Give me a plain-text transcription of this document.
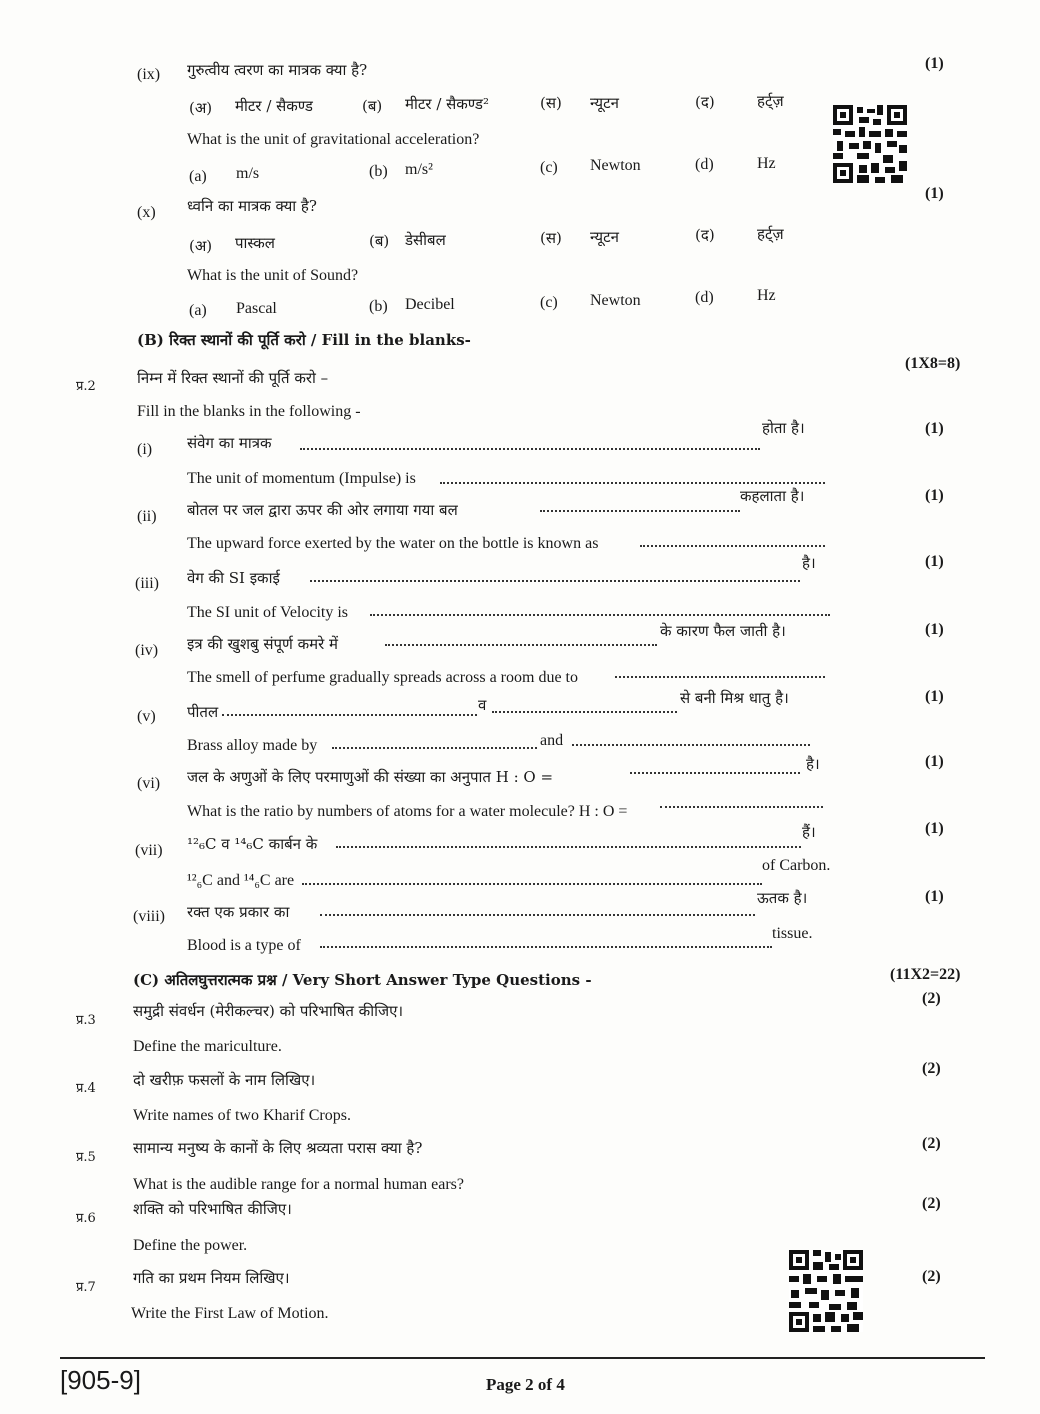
(1)
(ix) गुरुत्वीय त्वरण का मात्रक क्या है?
(अ) मीटर / सैकण्ड	(ब) मीटर / सैकण्ड²	(स) न्यूटन	(द)	हर्ट्ज़
What is the unit of gravitational acceleration?
(a) m/s	(b) m/s²	(c) Newton	(d)	Hz
(1)
(x) ध्वनि का मात्रक क्या है?
(अ) पास्कल	(ब) डेसीबल	(स) न्यूटन	(द)	हर्ट्ज़
What is the unit of Sound?
(a) Pascal	(b) Decibel	(c) Newton	(d)	Hz
(B) रिक्त स्थानों की पूर्ति करो / Fill in the blanks-
प्र.2	निम्न में रिक्त स्थानों की पूर्ति करो –
(1X8=8)
Fill in the blanks in the following -
(i) संवेग का मात्रक
होता है।	(1)
The unit of momentum (Impulse) is
(ii) बोतल पर जल द्वारा ऊपर की ओर लगाया गया बल
कहलाता है।	(1)
The upward force exerted by the water on the bottle is known as
(iii) वेग की SI इकाई
है।	(1)
The SI unit of Velocity is
(iv) इत्र की खुशबु संपूर्ण कमरे में
के कारण फैल जाती है।	(1)
The smell of perfume gradually spreads across a room due to
(v) पीतल	व	से बनी मिश्र धातु है।	(1)
Brass alloy made by	and
(vi) जल के अणुओं के लिए परमाणुओं की संख्या का अनुपात H : O =
है।	(1)
What is the ratio by numbers of atoms for a water molecule? H : O =
(vii) ¹²₆C व ¹⁴₆C कार्बन के
हैं।	(1)
¹²₆C and ¹⁴₆C are
of Carbon.
(viii) रक्त एक प्रकार का
ऊतक है।	(1)
Blood is a type of
tissue.
(C) अतिलघुत्तरात्मक प्रश्न / Very Short Answer Type Questions -	(11X2=22)
प्र.3
समुद्री संवर्धन (मेरीकल्चर) को परिभाषित कीजिए।
(2)
Define the mariculture.
प्र.4 दो खरीफ़ फसलों के नाम लिखिए।
(2)
Write names of two Kharif Crops.
प्र.5
सामान्य मनुष्य के कानों के लिए श्रव्यता परास क्या है?	(2)
What is the audible range for a normal human ears?
प्र.6
शक्ति को परिभाषित कीजिए।	(2)
Define the power.
प्र.7
गति का प्रथम नियम लिखिए।	(2)
Write the First Law of Motion.
[905-9]	Page 2 of 4
